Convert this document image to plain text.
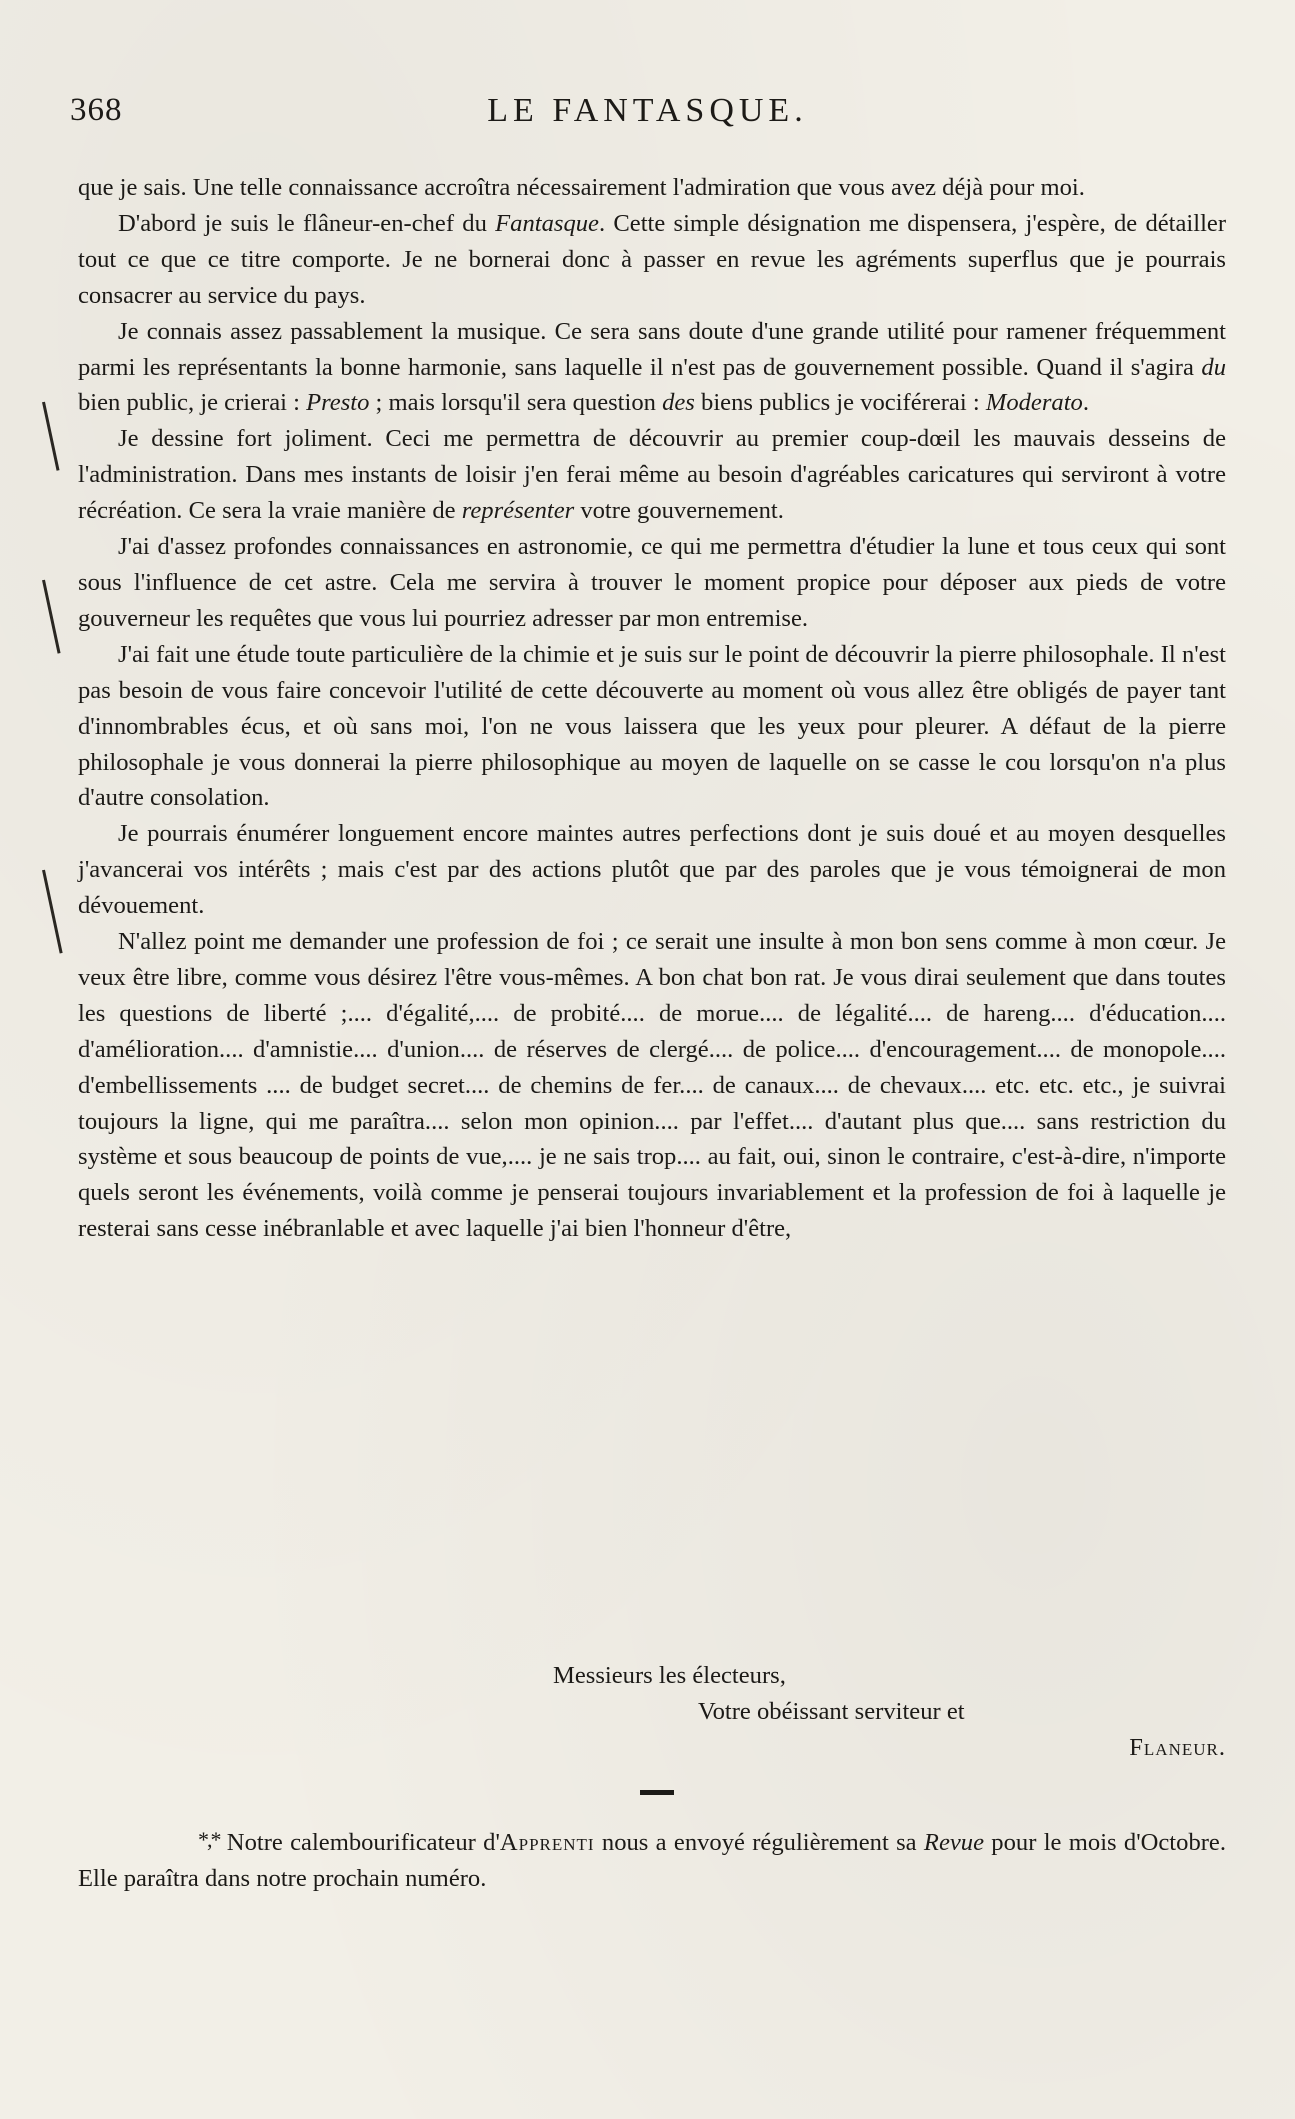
368	LE FANTASQUE.

que je sais. Une telle connaissance accroîtra nécessairement l'admiration que vous avez déjà pour moi.

D'abord je suis le flâneur-en-chef du Fantasque. Cette simple désignation me dispensera, j'espère, de détailler tout ce que ce titre comporte. Je ne bornerai donc à passer en revue les agréments superflus que je pourrais consacrer au service du pays.

Je connais assez passablement la musique. Ce sera sans doute d'une grande utilité pour ramener fréquemment parmi les représentants la bonne harmonie, sans laquelle il n'est pas de gouvernement possible. Quand il s'agira du bien public, je crierai : Presto ; mais lorsqu'il sera question des biens publics je vociférerai : Moderato.

Je dessine fort joliment. Ceci me permettra de découvrir au premier coup-dœil les mauvais desseins de l'administration. Dans mes instants de loisir j'en ferai même au besoin d'agréables caricatures qui serviront à votre récréation. Ce sera la vraie manière de représenter votre gouvernement.

J'ai d'assez profondes connaissances en astronomie, ce qui me permettra d'étudier la lune et tous ceux qui sont sous l'influence de cet astre. Cela me servira à trouver le moment propice pour déposer aux pieds de votre gouverneur les requêtes que vous lui pourriez adresser par mon entremise.

J'ai fait une étude toute particulière de la chimie et je suis sur le point de découvrir la pierre philosophale. Il n'est pas besoin de vous faire concevoir l'utilité de cette découverte au moment où vous allez être obligés de payer tant d'innombrables écus, et où sans moi, l'on ne vous laissera que les yeux pour pleurer. A défaut de la pierre philosophale je vous donnerai la pierre philosophique au moyen de laquelle on se casse le cou lorsqu'on n'a plus d'autre consolation.

Je pourrais énumérer longuement encore maintes autres perfections dont je suis doué et au moyen desquelles j'avancerai vos intérêts ; mais c'est par des actions plutôt que par des paroles que je vous témoignerai de mon dévouement.

N'allez point me demander une profession de foi ; ce serait une insulte à mon bon sens comme à mon cœur. Je veux être libre, comme vous désirez l'être vous-mêmes. A bon chat bon rat. Je vous dirai seulement que dans toutes les questions de liberté ;.... d'égalité,.... de probité.... de morue.... de légalité.... de hareng.... d'éducation.... d'amélioration.... d'amnistie.... d'union.... de réserves de clergé.... de police.... d'encouragement.... de monopole.... d'embellissements .... de budget secret.... de chemins de fer.... de canaux.... de chevaux.... etc. etc. etc., je suivrai toujours la ligne, qui me paraîtra.... selon mon opinion.... par l'effet.... d'autant plus que.... sans restriction du système et sous beaucoup de points de vue,.... je ne sais trop.... au fait, oui, sinon le contraire, c'est-à-dire, n'importe quels seront les événements, voilà comme je penserai toujours invariablement et la profession de foi à laquelle je resterai sans cesse inébranlable et avec laquelle j'ai bien l'honneur d'être,

Messieurs les électeurs,
Votre obéissant serviteur et
Flaneur.

*,* Notre calembourificateur d'Apprenti nous a envoyé régulièrement sa Revue pour le mois d'Octobre. Elle paraîtra dans notre prochain numéro.
